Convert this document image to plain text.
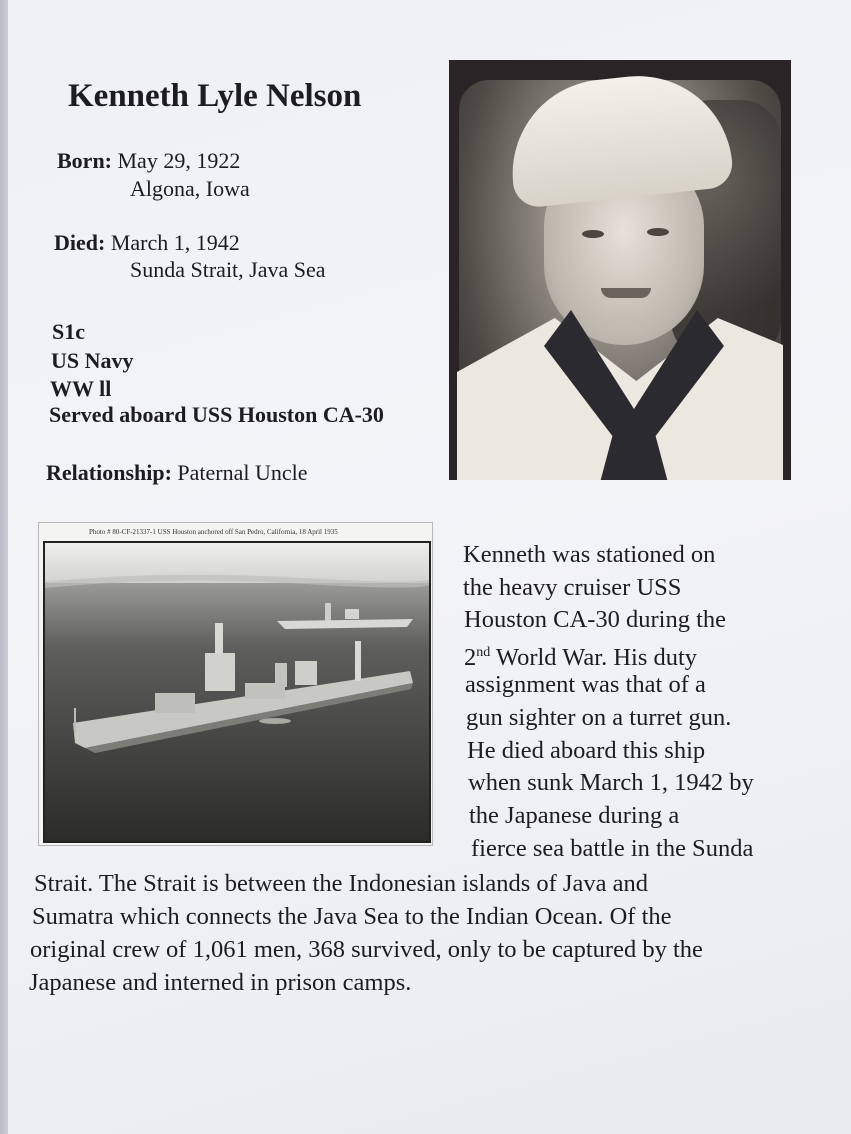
Kenneth Lyle Nelson
Born: May 29, 1922
Algona, Iowa
Died: March 1, 1942
Sunda Strait, Java Sea
S1c
US Navy
WW ll
Served aboard USS Houston CA-30
Relationship: Paternal Uncle
Photo # 80-CF-21337-1 USS Houston anchored off San Pedro, California, 18 April 1935
Kenneth was stationed on
the heavy cruiser USS
Houston CA-30 during the
2nd World War. His duty
assignment was that of a
gun sighter on a turret gun.
He died aboard this ship
when sunk March 1, 1942 by
the Japanese during a
fierce sea battle in the Sunda
Strait. The Strait is between the Indonesian islands of Java and
Sumatra which connects the Java Sea to the Indian Ocean. Of the
original crew of 1,061 men, 368 survived, only to be captured by the
Japanese and interned in prison camps.
